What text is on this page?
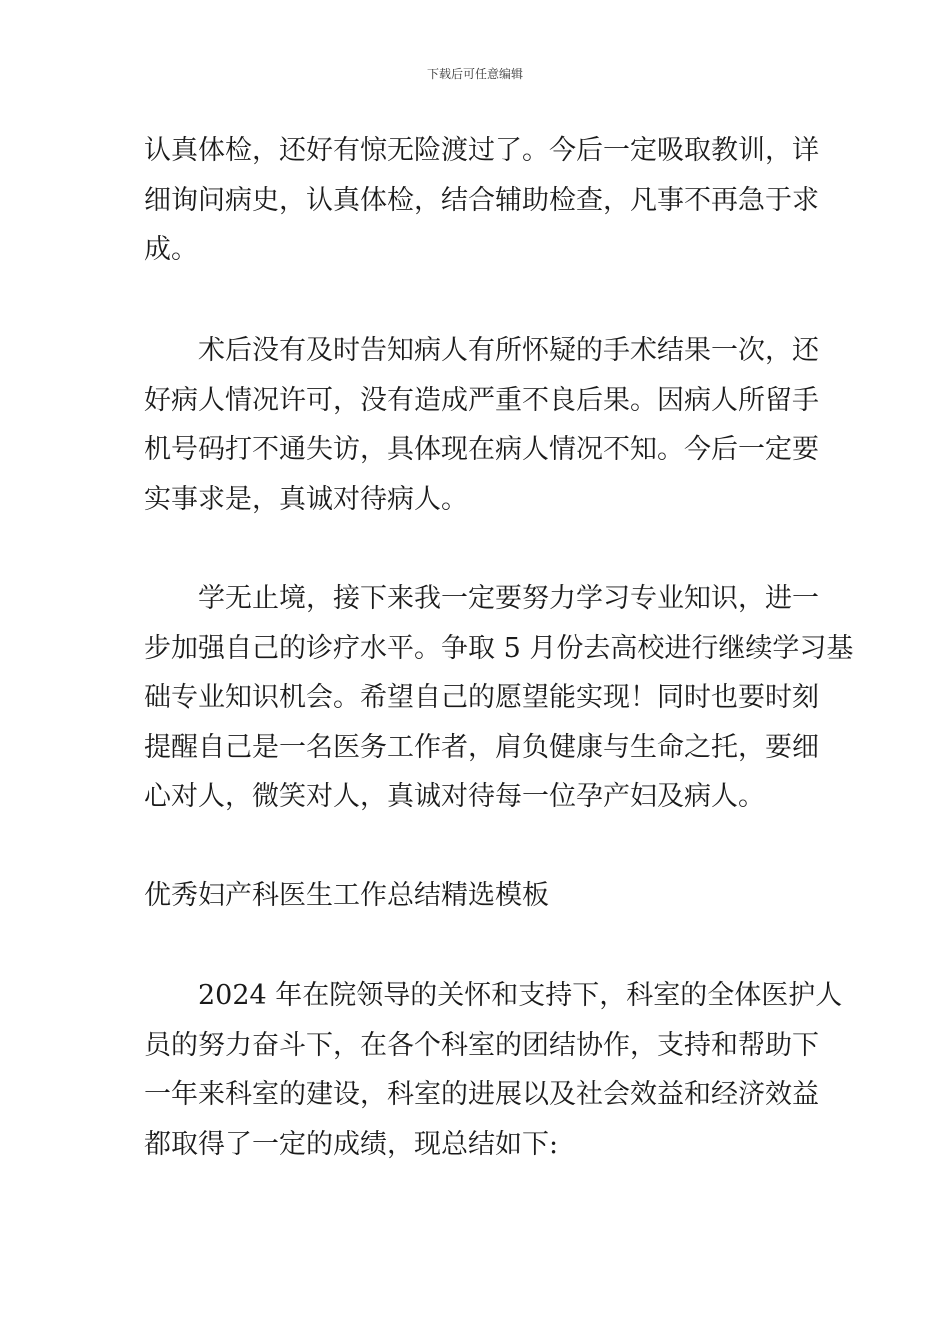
下载后可任意编辑
认真体检，还好有惊无险渡过了。今后一定吸取教训，详
细询问病史，认真体检，结合辅助检查，凡事不再急于求
成。
术后没有及时告知病人有所怀疑的手术结果一次，还
好病人情况许可，没有造成严重不良后果。因病人所留手
机号码打不通失访，具体现在病人情况不知。今后一定要
实事求是，真诚对待病人。
学无止境，接下来我一定要努力学习专业知识，进一
步加强自己的诊疗水平。争取 5 月份去高校进行继续学习基
础专业知识机会。希望自己的愿望能实现！同时也要时刻
提醒自己是一名医务工作者，肩负健康与生命之托，要细
心对人，微笑对人，真诚对待每一位孕产妇及病人。
优秀妇产科医生工作总结精选模板
2024 年在院领导的关怀和支持下，科室的全体医护人
员的努力奋斗下，在各个科室的团结协作，支持和帮助下
一年来科室的建设，科室的进展以及社会效益和经济效益
都取得了一定的成绩，现总结如下:
